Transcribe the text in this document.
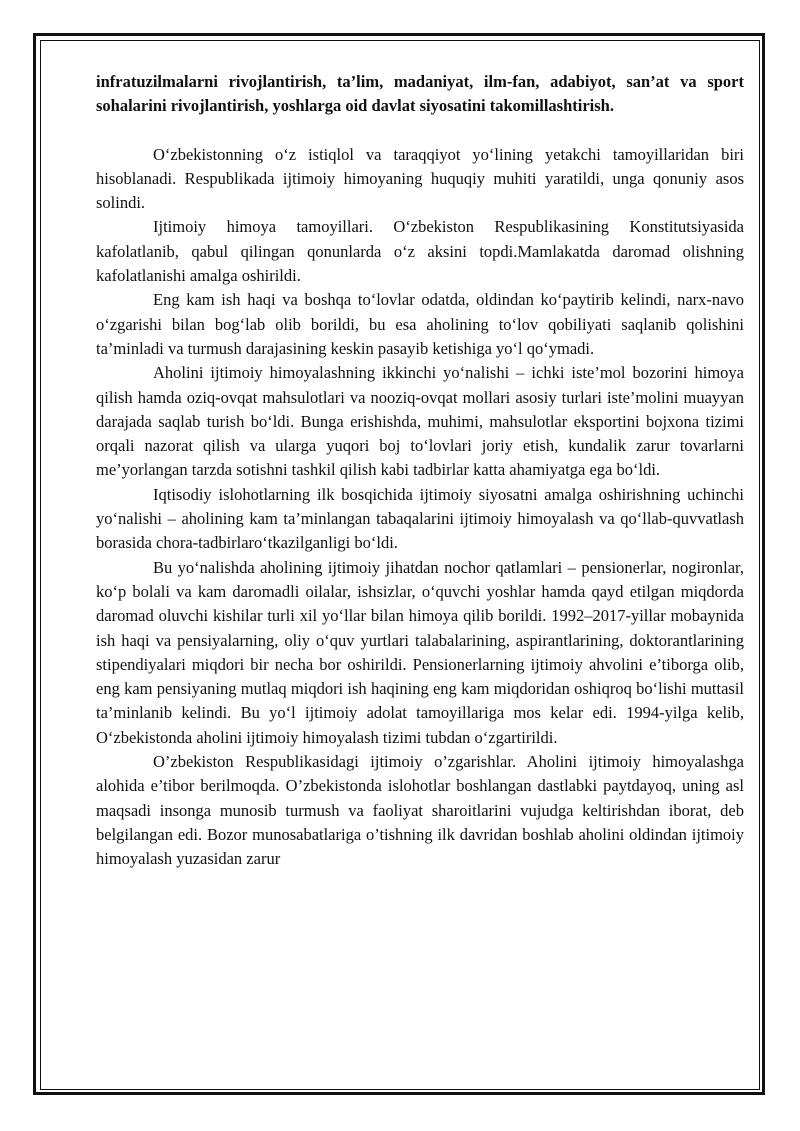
infratuzilmalarni rivojlantirish, ta’lim, madaniyat, ilm-fan, adabiyot, san’at va sport sohalarini rivojlantirish, yoshlarga oid davlat siyosatini takomillashtirish.

O‘zbekistonning o‘z istiqlol va taraqqiyot yo‘lining yetakchi tamoyillaridan biri hisoblanadi. Respublikada ijtimoiy himoyaning huquqiy muhiti yaratildi, unga qonuniy asos solindi.

Ijtimoiy himoya tamoyillari. O‘zbekiston Respublikasining Konstitutsiyasida kafolatlanib, qabul qilingan qonunlarda o‘z aksini topdi.Mamlakatda daromad olishning kafolatlanishi amalga oshirildi.

Eng kam ish haqi va boshqa to‘lovlar odatda, oldindan ko‘paytirib kelindi, narx-navo o‘zgarishi bilan bog‘lab olib borildi, bu esa aholining to‘lov qobiliyati saqlanib qolishini ta’minladi va turmush darajasining keskin pasayib ketishiga yo‘l qo‘ymadi.

Aholini ijtimoiy himoyalashning ikkinchi yo‘nalishi – ichki iste’mol bozorini himoya qilish hamda oziq-ovqat mahsulotlari va nooziq-ovqat mollari asosiy turlari iste’molini muayyan darajada saqlab turish bo‘ldi. Bunga erishishda, muhimi, mahsulotlar eksportini bojxona tizimi orqali nazorat qilish va ularga yuqori boj to‘lovlari joriy etish, kundalik zarur tovarlarni me’yorlangan tarzda sotishni tashkil qilish kabi tadbirlar katta ahamiyatga ega bo‘ldi.

Iqtisodiy islohotlarning ilk bosqichida ijtimoiy siyosatni amalga oshirishning uchinchi yo‘nalishi – aholining kam ta’minlangan tabaqalarini ijtimoiy himoyalash va qo‘llab-quvvatlash borasida chora-tadbirlaro‘tkazilganligi bo‘ldi.

Bu yo‘nalishda aholining ijtimoiy jihatdan nochor qatlamlari – pensionerlar, nogironlar, ko‘p bolali va kam daromadli oilalar, ishsizlar, o‘quvchi yoshlar hamda qayd etilgan miqdorda daromad oluvchi kishilar turli xil yo‘llar bilan himoya qilib borildi. 1992–2017-yillar mobaynida ish haqi va pensiyalarning, oliy o‘quv yurtlari talabalarining, aspirantlarining, doktorantlarining stipendiyalari miqdori bir necha bor oshirildi. Pensionerlarning ijtimoiy ahvolini e’tiborga olib, eng kam pensiyaning mutlaq miqdori ish haqining eng kam miqdoridan oshiqroq bo‘lishi muttasil ta’minlanib kelindi. Bu yo‘l ijtimoiy adolat tamoyillariga mos kelar edi. 1994-yilga kelib, O‘zbekistonda aholini ijtimoiy himoyalash tizimi tubdan o‘zgartirildi.

O’zbekiston Respublikasidagi ijtimoiy o’zgarishlar. Aholini ijtimoiy himoyalashga alohida e’tibor berilmoqda. O’zbekistonda islohotlar boshlangan dastlabki paytdayoq, uning asl maqsadi insonga munosib turmush va faoliyat sharoitlarini vujudga keltirishdan iborat, deb belgilangan edi. Bozor munosabatlariga o’tishning ilk davridan boshlab aholini oldindan ijtimoiy himoyalash yuzasidan zarur
